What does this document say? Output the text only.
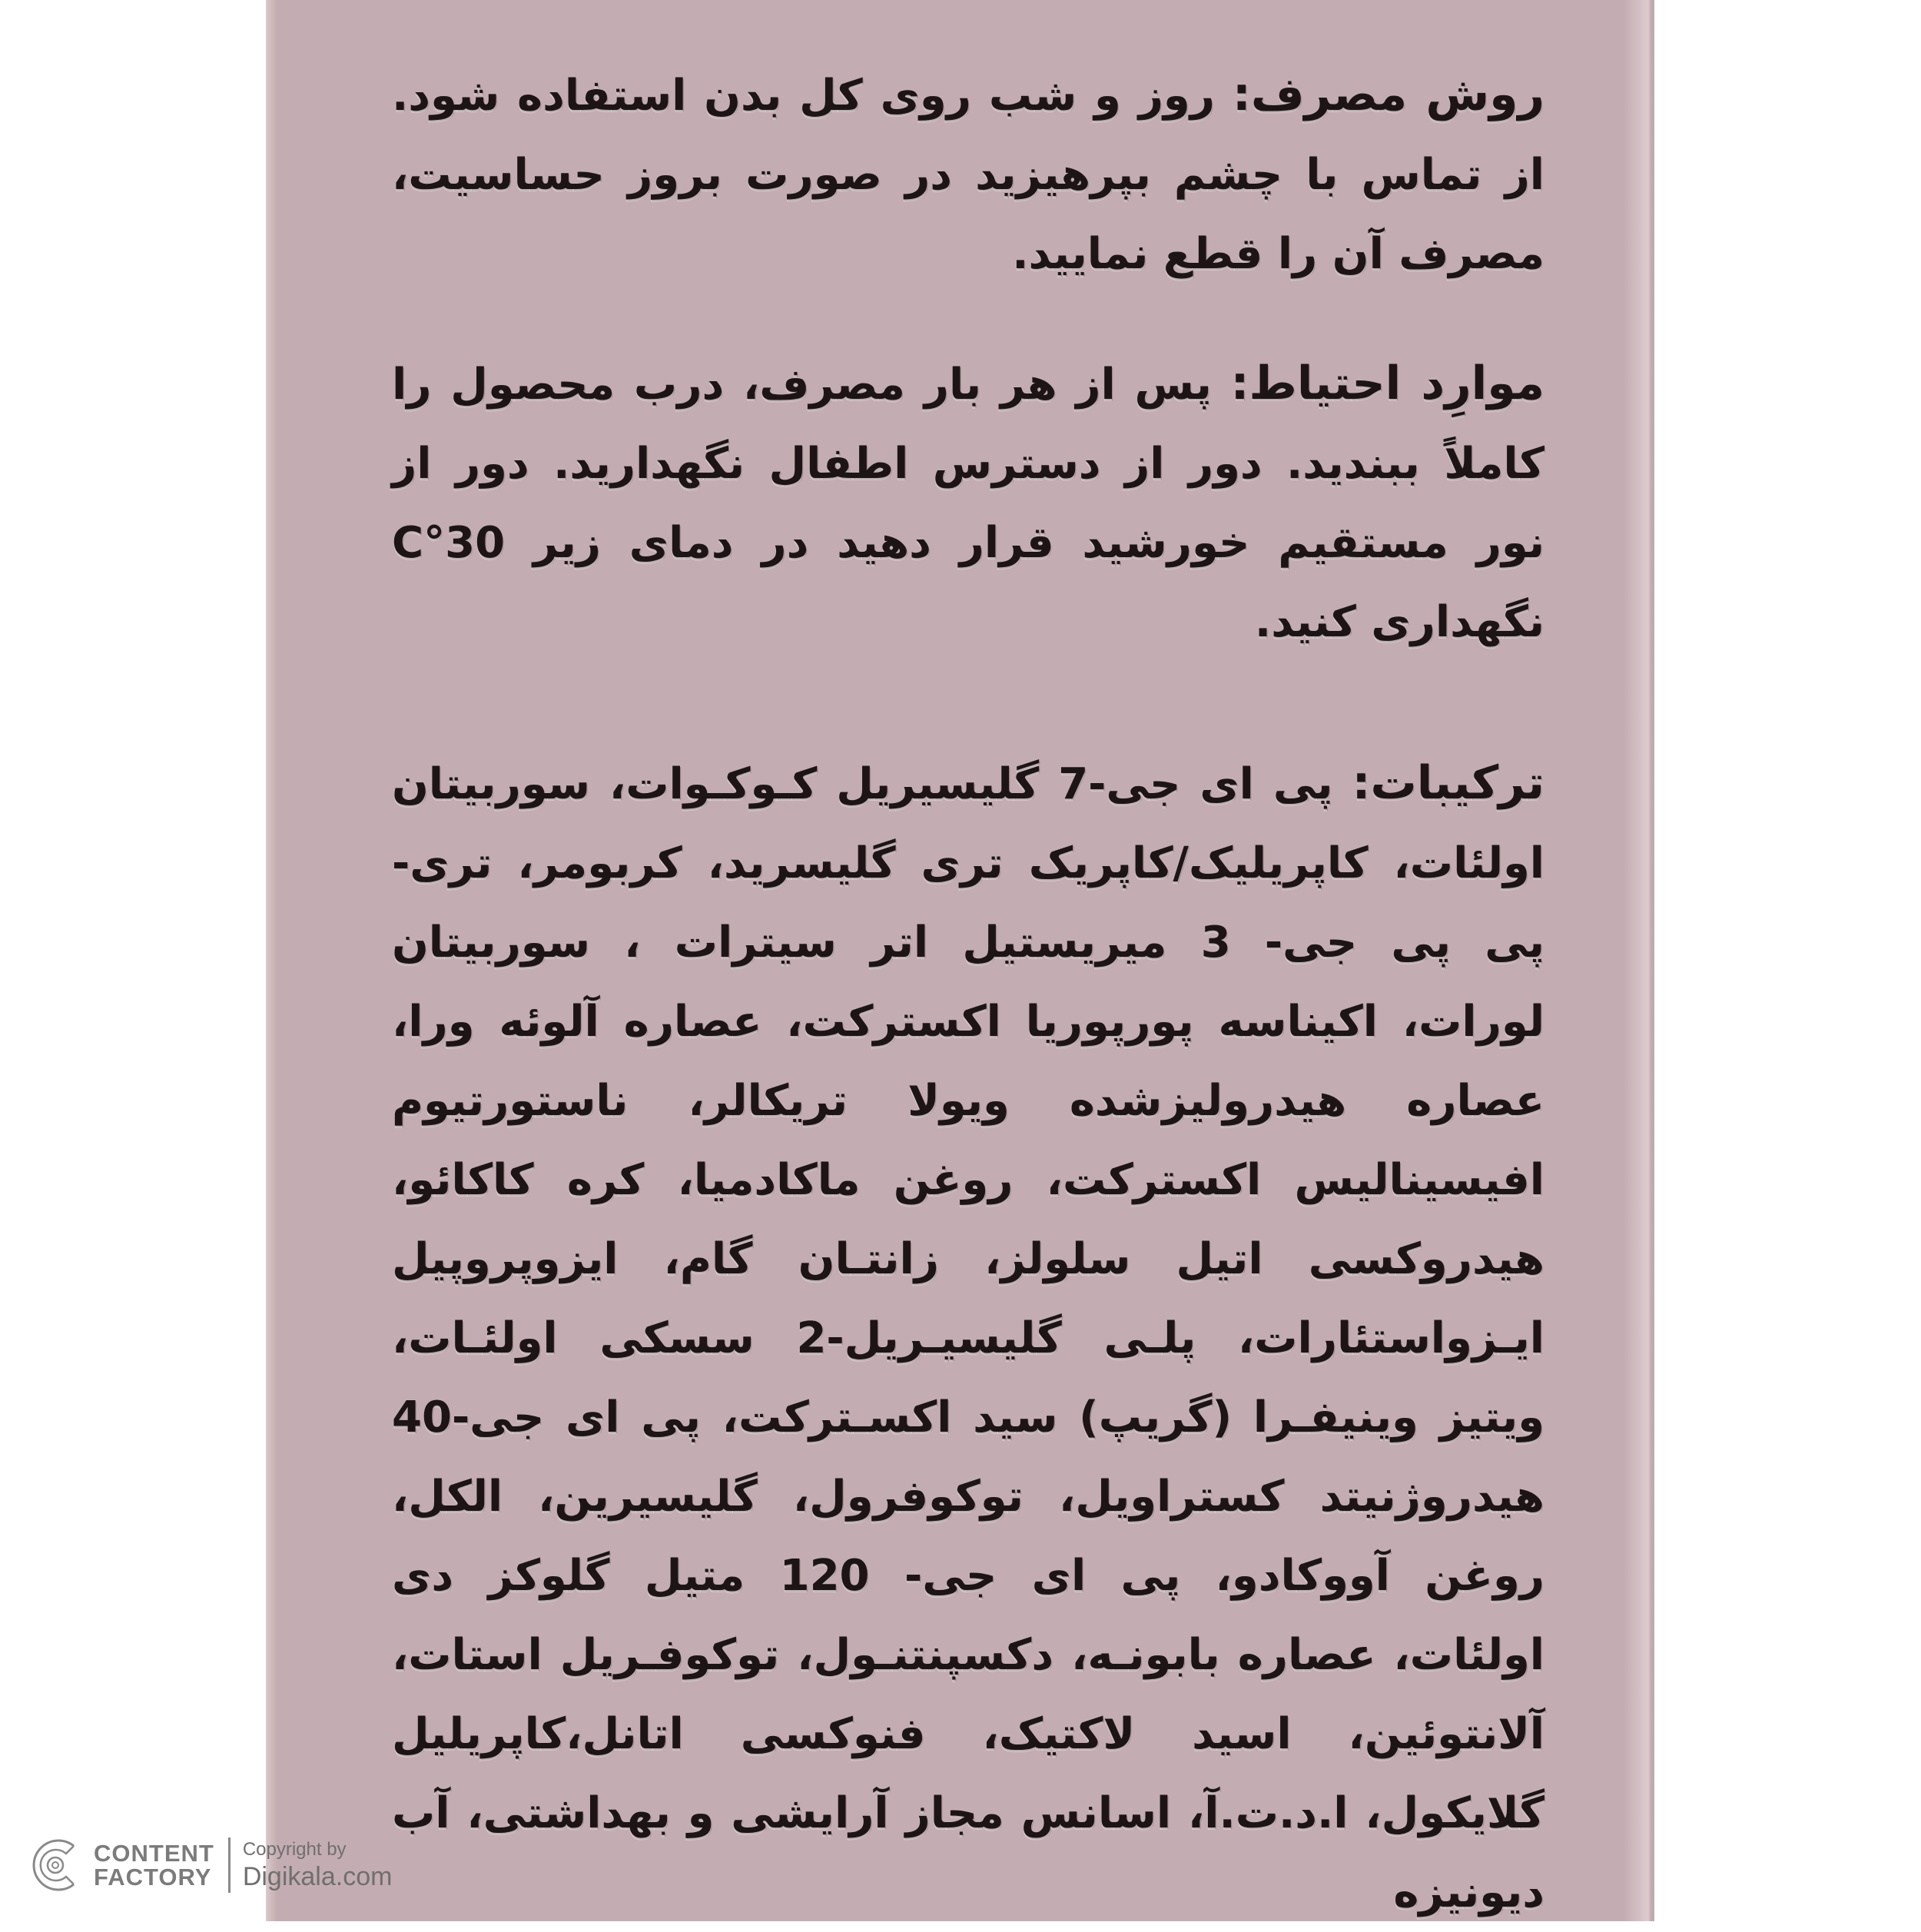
روش مصرف: روز و شب روی کل بدن استفاده شود. از تماس با چشم بپرهیزید در صورت بروز حساسیت، مصرف آن را قطع نمایید.

موارِد احتیاط: پس از هر بار مصرف، درب محصول را کاملاً ببندید. دور از دسترس اطفال نگهدارید. دور از نور مستقیم خورشید قرار دهید در دمای زیر 30°C نگهداری کنید.

ترکیبات: پی ای جی-7 گلیسیریل کـوکـوات، سوربیتان اولئات، کاپریلیک/کاپریک تری گلیسرید، کربومر، تری-پی پی جی- 3 میریستیل اتر سیترات ، سوربیتان لورات، اکیناسه پورپوریا اکسترکت، عصاره آلوئه ورا، عصاره هیدرولیزشده ویولا تریکالر، ناستورتیوم افیسینالیس اکسترکت، روغن ماکادمیا، کره کاکائو، هیدروکسی اتیل سلولز، زانتـان گام، ایزوپروپیل ایـزواستئارات، پلـی گلیسیـریل-2 سسکی اولئـات، ویتیز وینیفـرا (گریپ) سید اکسـترکت، پی ای جی-40 هیدروژنیتد کستراویل، توکوفرول، گلیسیرین، الکل، روغن آووکادو، پی ای جی- 120 متیل گلوکز دی اولئات، عصاره بابونـه، دکسپنتنـول، توکوفـریل استات، آلانتوئین، اسید لاکتیک، فنوکسی اتانل،کاپریلیل گلایکول، ا.د.ت.آ، اسانس مجاز آرایشی و بهداشتی، آب دیونیزه

CONTENT
FACTORY
Copyright by
Digikala.com
